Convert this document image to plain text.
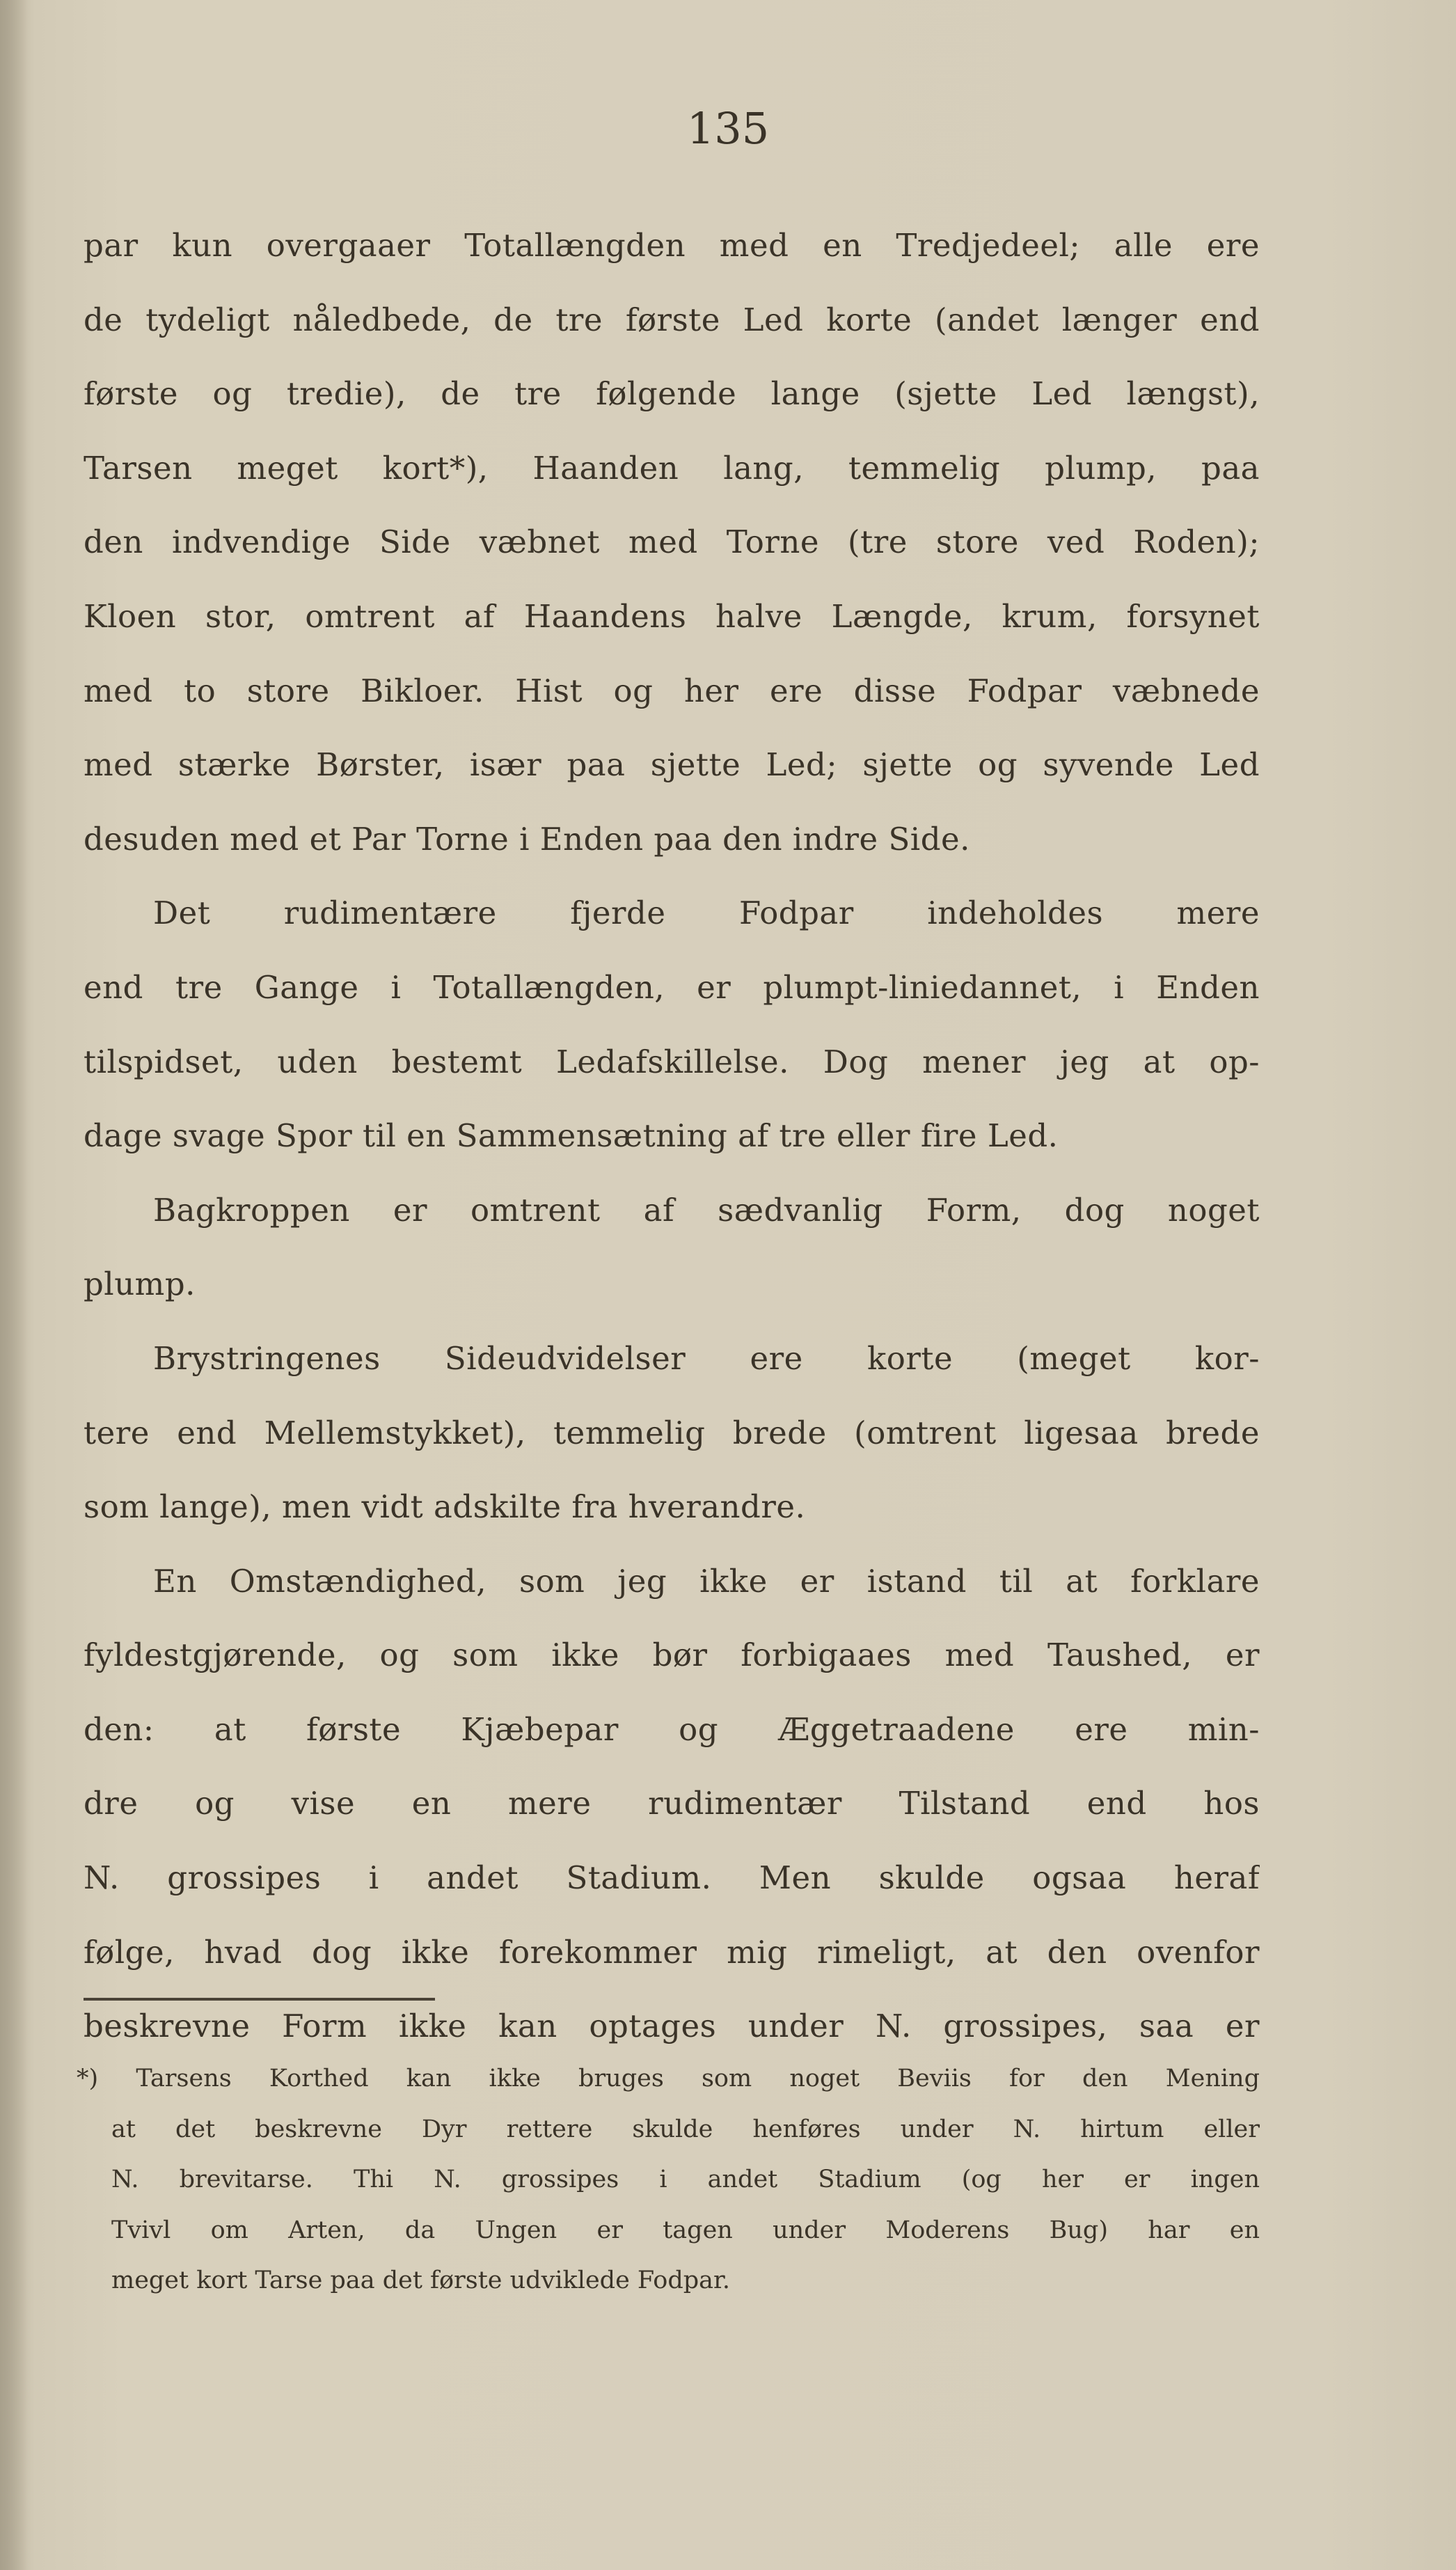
135
par kun overgaaer Totallængden med en Tredjedeel; alle ere
de tydeligt nåledbede, de tre første Led korte (andet længer end
første og tredie), de tre følgende lange (sjette Led længst),
Tarsen meget kort*), Haanden lang, temmelig plump, paa
den indvendige Side væbnet med Torne (tre store ved Roden);
Kloen stor, omtrent af Haandens halve Længde, krum, forsynet
med to store Bikloer. Hist og her ere disse Fodpar væbnede
med stærke Børster, især paa sjette Led; sjette og syvende Led
desuden med et Par Torne i Enden paa den indre Side.
Det rudimentære fjerde Fodpar indeholdes mere
end tre Gange i Totallængden, er plumpt-liniedannet, i Enden
tilspidset, uden bestemt Ledafskillelse. Dog mener jeg at op-
dage svage Spor til en Sammensætning af tre eller fire Led.
Bagkroppen er omtrent af sædvanlig Form, dog noget
plump.
Brystringenes Sideudvidelser ere korte (meget kor-
tere end Mellemstykket), temmelig brede (omtrent ligesaa brede
som lange), men vidt adskilte fra hverandre.
En Omstændighed, som jeg ikke er istand til at forklare
fyldestgjørende, og som ikke bør forbigaaes med Taushed, er
den: at første Kjæbepar og Æggetraadene ere min-
dre og vise en mere rudimentær Tilstand end hos
N. grossipes i andet Stadium. Men skulde ogsaa heraf
følge, hvad dog ikke forekommer mig rimeligt, at den ovenfor
beskrevne Form ikke kan optages under N. grossipes, saa er
*) Tarsens Korthed kan ikke bruges som noget Beviis for den Mening
at det beskrevne Dyr rettere skulde henføres under N. hirtum eller
N. brevitarse. Thi N. grossipes i andet Stadium (og her er ingen
Tvivl om Arten, da Ungen er tagen under Moderens Bug) har en
meget kort Tarse paa det første udviklede Fodpar.
